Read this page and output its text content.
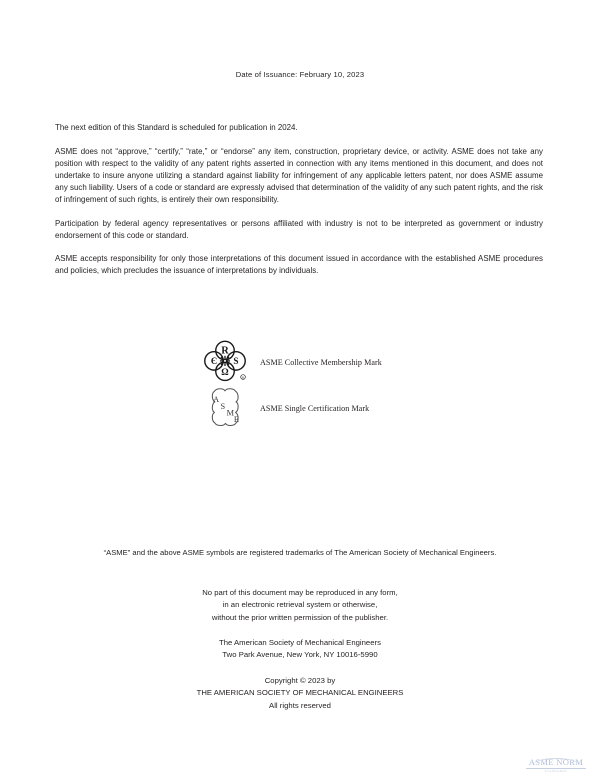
Date of Issuance: February 10, 2023

The next edition of this Standard is scheduled for publication in 2024.

ASME does not “approve,” “certify,” “rate,” or “endorse” any item, construction, proprietary device, or activity. ASME does not take any position with respect to the validity of any patent rights asserted in connection with any items mentioned in this document, and does not undertake to insure anyone utilizing a standard against liability for infringement of any applicable letters patent, nor does ASME assume any such liability. Users of a code or standard are expressly advised that determination of the validity of any such patent rights, and the risk of infringement of such rights, is entirely their own responsibility.

Participation by federal agency representatives or persons affiliated with industry is not to be interpreted as government or industry endorsement of this code or standard.

ASME accepts responsibility for only those interpretations of this document issued in accordance with the established ASME procedures and policies, which precludes the issuance of interpretations by individuals.

Я
Є S
Ω
R
ASME Collective Membership Mark
A
S
M
E
ASME Single Certification Mark
“ASME” and the above ASME symbols are registered trademarks of The American Society of Mechanical Engineers.
No part of this document may be reproduced in any form,
in an electronic retrieval system or otherwise,
without the prior written permission of the publisher.
The American Society of Mechanical Engineers
Two Park Avenue, New York, NY 10016-5990
Copyright © 2023 by
THE AMERICAN SOCIETY OF MECHANICAL ENGINEERS
All rights reserved
ASME NORM
STANDARDS
